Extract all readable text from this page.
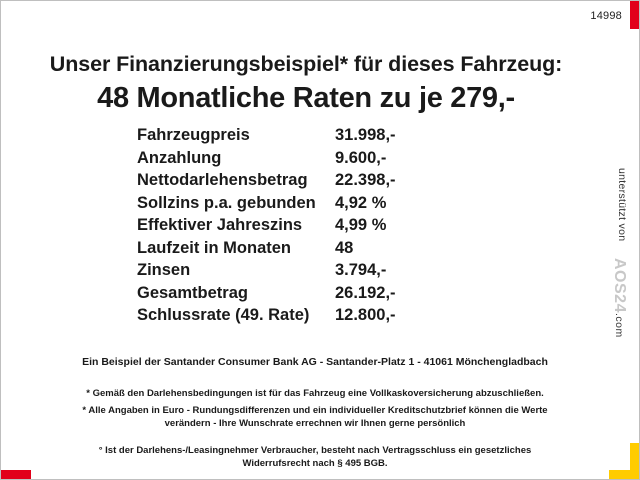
14998
Unser Finanzierungsbeispiel* für dieses Fahrzeug:
48 Monatliche Raten zu je 279,-
Fahrzeugpreis	31.998,-
Anzahlung	9.600,-
Nettodarlehensbetrag	22.398,-
Sollzins p.a. gebunden	4,92 %
Effektiver Jahreszins	4,99 %
Laufzeit in Monaten	48
Zinsen	3.794,-
Gesamtbetrag	26.192,-
Schlussrate (49. Rate)	12.800,-
Ein Beispiel der Santander Consumer Bank AG - Santander-Platz 1 - 41061 Mönchengladbach
* Gemäß den Darlehensbedingungen ist für das Fahrzeug eine Vollkaskoversicherung abzuschließen.
* Alle Angaben in Euro - Rundungsdifferenzen und ein individueller Kreditschutzbrief können die Werte
verändern - Ihre Wunschrate errechnen wir Ihnen gerne persönlich
° Ist der Darlehens-/Leasingnehmer Verbraucher, besteht nach Vertragsschluss ein gesetzliches
Widerrufsrecht nach § 495 BGB.
unterstützt von
AOS24.com
